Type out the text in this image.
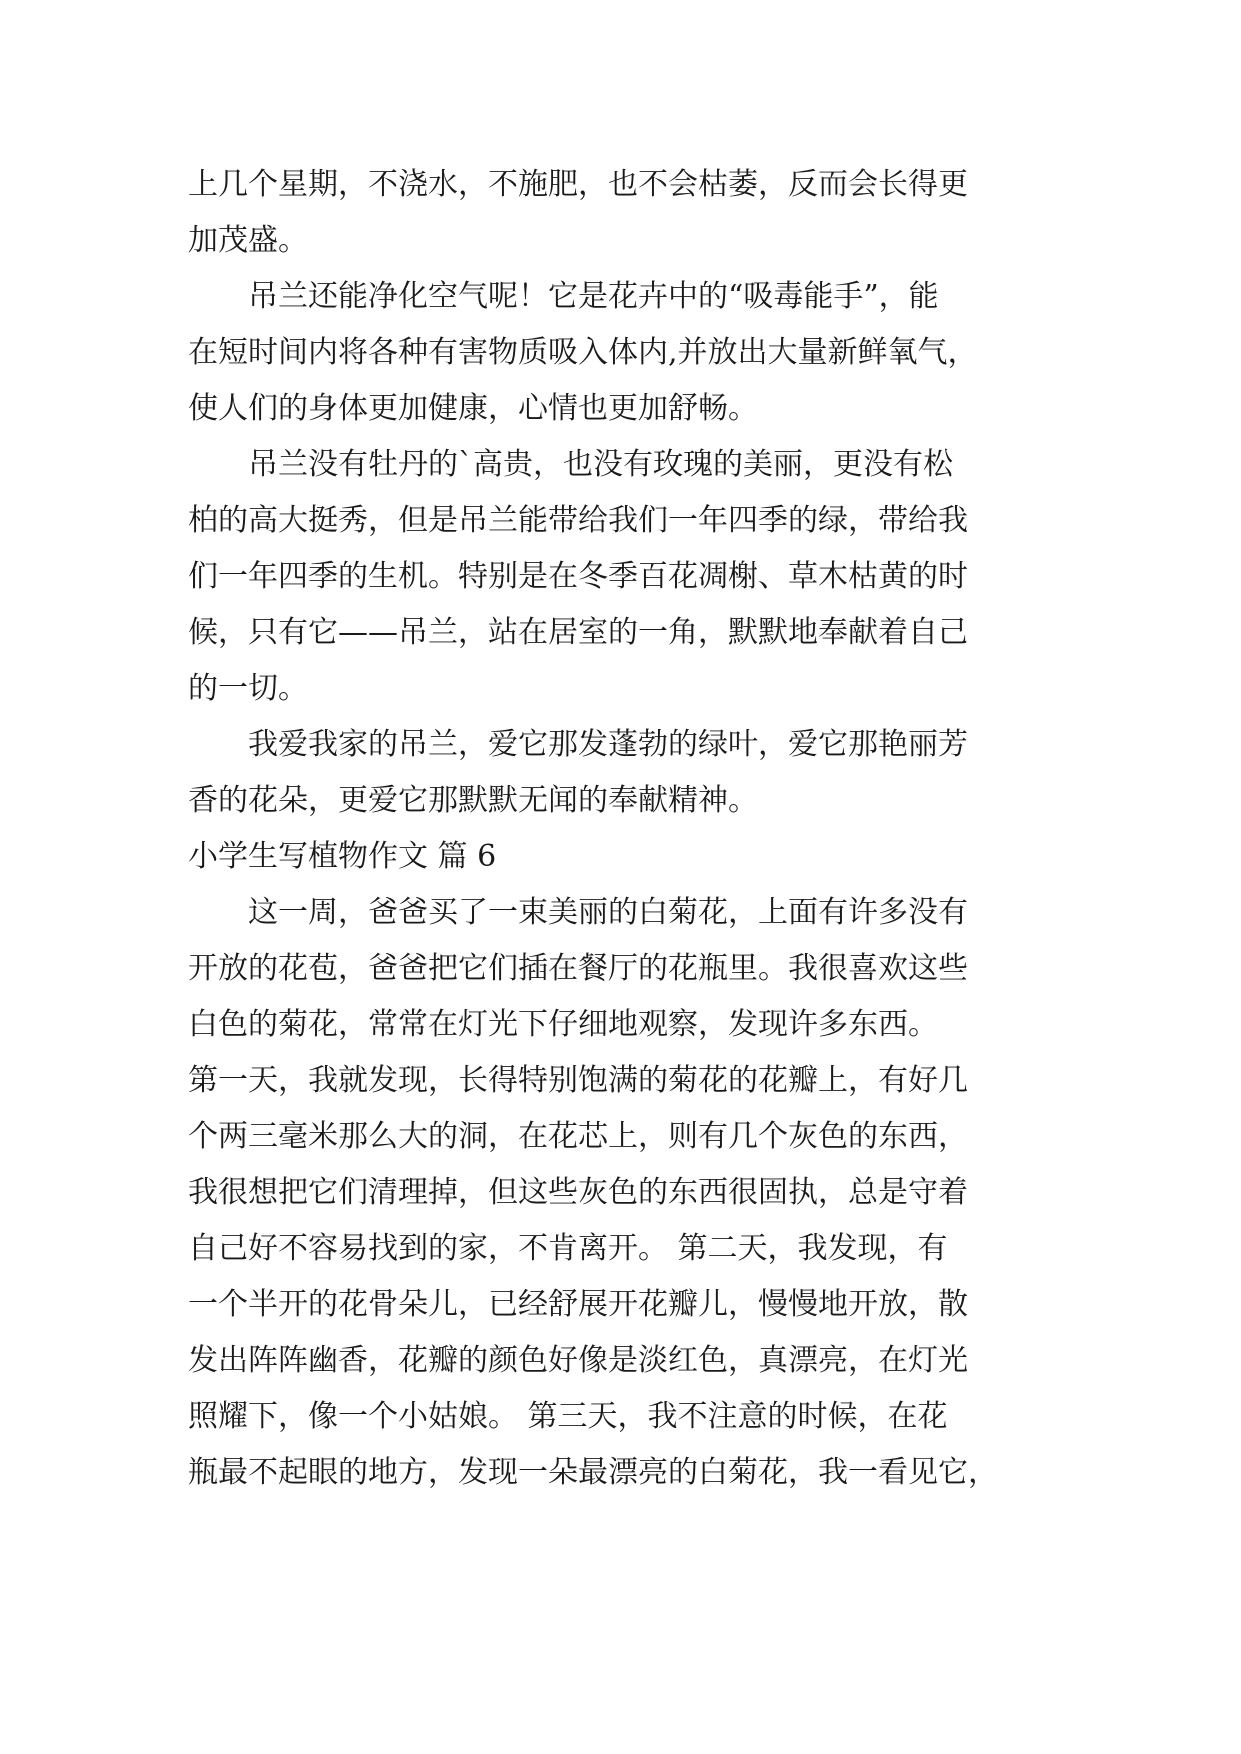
上几个星期，不浇水，不施肥，也不会枯萎，反而会长得更
加茂盛。

吊兰还能净化空气呢！它是花卉中的“吸毒能手”，能
在短时间内将各种有害物质吸入体内,并放出大量新鲜氧气，
使人们的身体更加健康，心情也更加舒畅。

吊兰没有牡丹的`高贵，也没有玫瑰的美丽，更没有松
柏的高大挺秀，但是吊兰能带给我们一年四季的绿，带给我
们一年四季的生机。特别是在冬季百花凋榭、草木枯黄的时
候，只有它——吊兰，站在居室的一角，默默地奉献着自己
的一切。

我爱我家的吊兰，爱它那发蓬勃的绿叶，爱它那艳丽芳
香的花朵，更爱它那默默无闻的奉献精神。

小学生写植物作文 篇 6

这一周，爸爸买了一束美丽的白菊花，上面有许多没有
开放的花苞，爸爸把它们插在餐厅的花瓶里。我很喜欢这些
白色的菊花，常常在灯光下仔细地观察，发现许多东西。
第一天，我就发现，长得特别饱满的菊花的花瓣上，有好几
个两三毫米那么大的洞，在花芯上，则有几个灰色的东西，
我很想把它们清理掉，但这些灰色的东西很固执，总是守着
自己好不容易找到的家，不肯离开。 第二天，我发现，有
一个半开的花骨朵儿，已经舒展开花瓣儿，慢慢地开放，散
发出阵阵幽香，花瓣的颜色好像是淡红色，真漂亮，在灯光
照耀下，像一个小姑娘。 第三天，我不注意的时候，在花
瓶最不起眼的地方，发现一朵最漂亮的白菊花，我一看见它，
